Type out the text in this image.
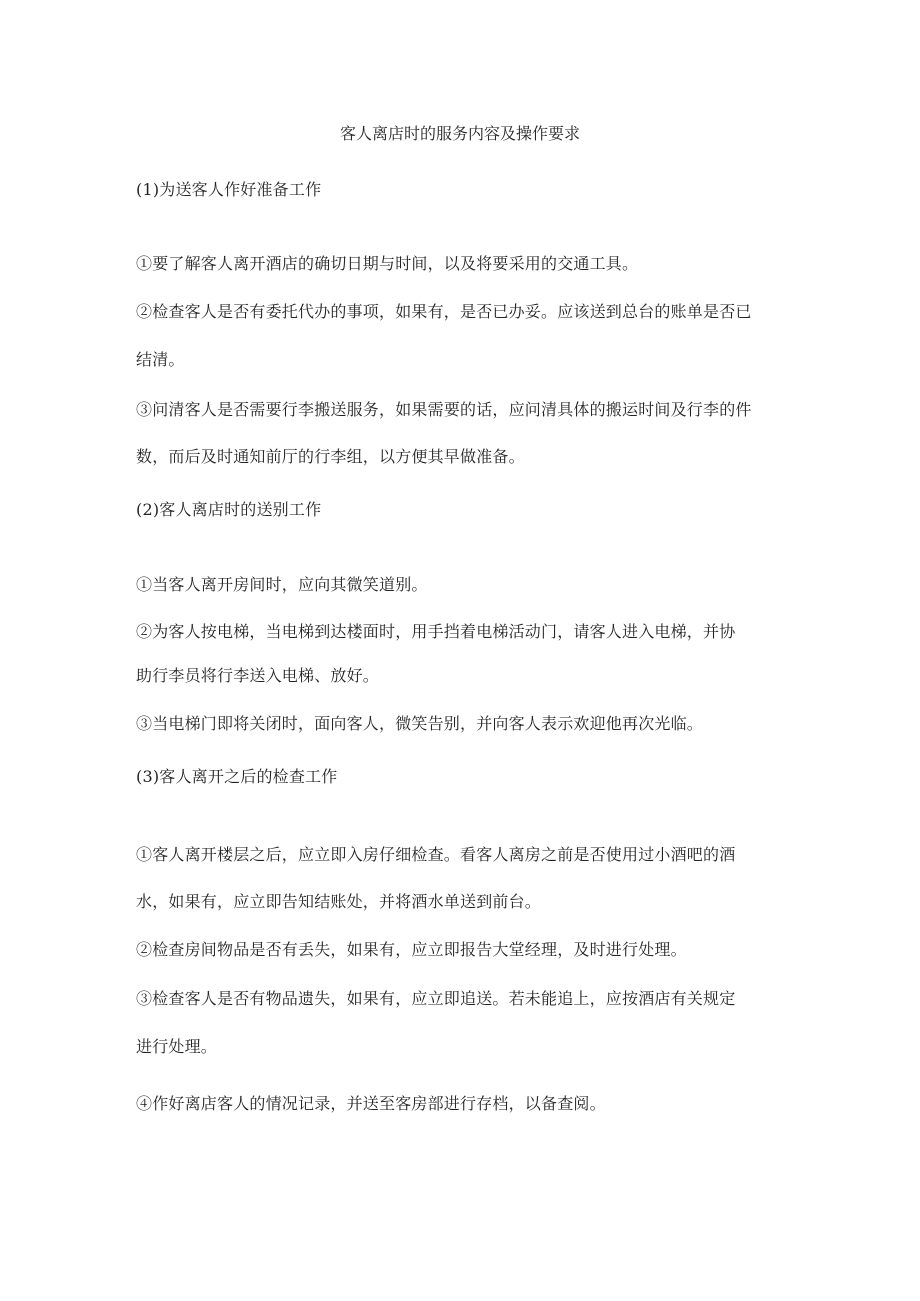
客人离店时的服务内容及操作要求
(1)为送客人作好准备工作
①要了解客人离开酒店的确切日期与时间，以及将要采用的交通工具。
②检查客人是否有委托代办的事项，如果有，是否已办妥。应该送到总台的账单是否已
结清。
③问清客人是否需要行李搬送服务，如果需要的话，应问清具体的搬运时间及行李的件
数，而后及时通知前厅的行李组，以方便其早做准备。
(2)客人离店时的送别工作
①当客人离开房间时，应向其微笑道别。
②为客人按电梯，当电梯到达楼面时，用手挡着电梯活动门，请客人进入电梯，并协
助行李员将行李送入电梯、放好。
③当电梯门即将关闭时，面向客人，微笑告别，并向客人表示欢迎他再次光临。
(3)客人离开之后的检查工作
①客人离开楼层之后，应立即入房仔细检查。看客人离房之前是否使用过小酒吧的酒
水，如果有，应立即告知结账处，并将酒水单送到前台。
②检查房间物品是否有丢失，如果有，应立即报告大堂经理，及时进行处理。
③检查客人是否有物品遗失，如果有，应立即追送。若未能追上，应按酒店有关规定
进行处理。
④作好离店客人的情况记录，并送至客房部进行存档，以备查阅。
